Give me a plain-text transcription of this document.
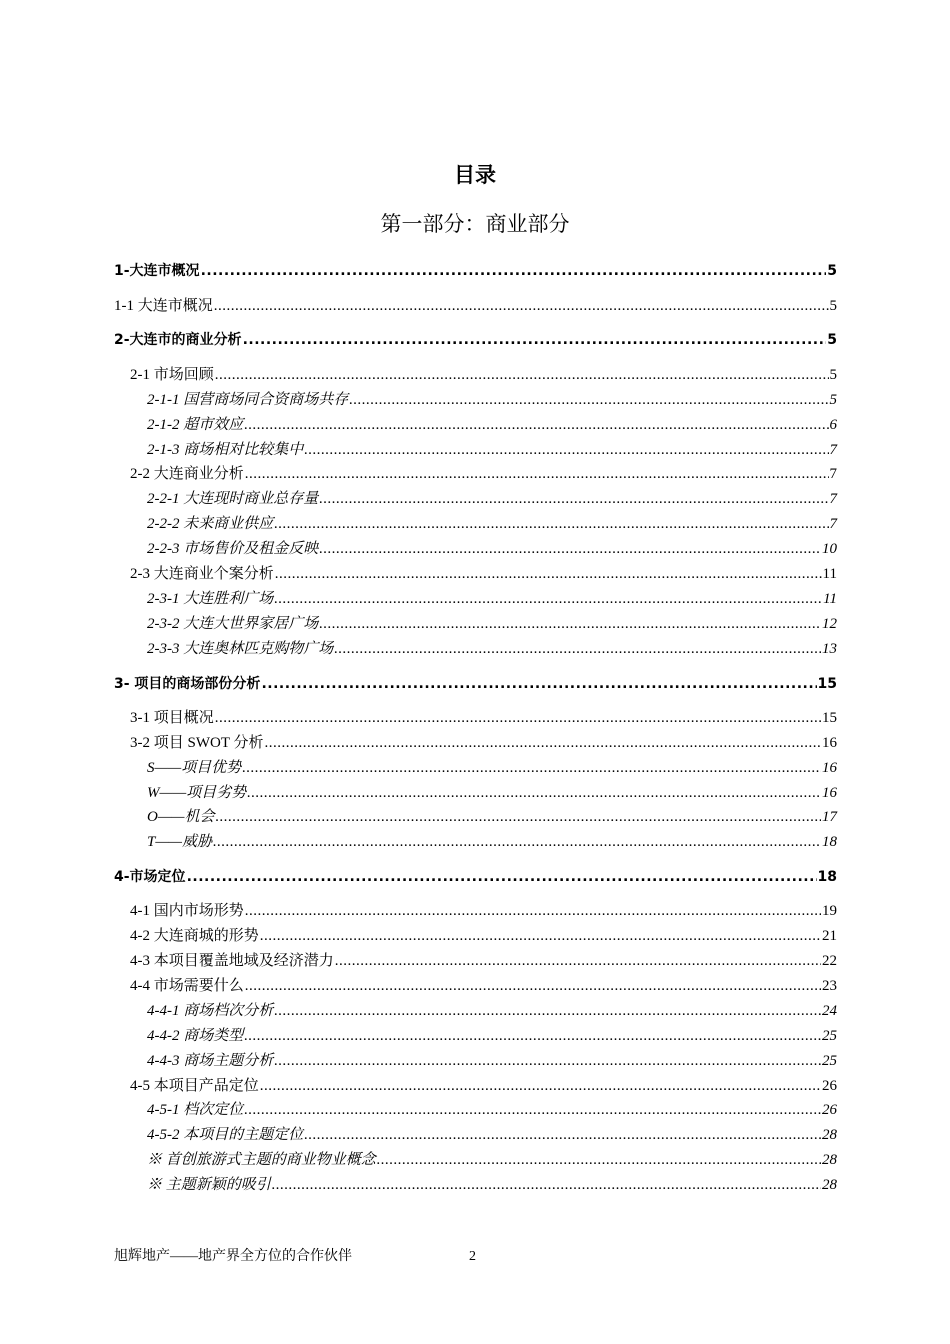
目录
第一部分：商业部分
1-大连市概况 .....	5
1-1 大连市概况 .....	5
2-大连市的商业分析 .....	5
2-1 市场回顾 .....	5
2-1-1 国营商场同合资商场共存 .....	5
2-1-2 超市效应 .....	6
2-1-3 商场相对比较集中 .....	7
2-2 大连商业分析 .....	7
2-2-1 大连现时商业总存量 .....	7
2-2-2 未来商业供应 .....	7
2-2-3 市场售价及租金反映 .....	10
2-3 大连商业个案分析 .....	11
2-3-1 大连胜利广场 .....	11
2-3-2 大连大世界家居广场 .....	12
2-3-3 大连奥林匹克购物广场 .....	13
3- 项目的商场部份分析 .....	15
3-1 项目概况 .....	15
3-2 项目 SWOT 分析 .....	16
S——项目优势 .....	16
W——项目劣势 .....	16
O——机会 .....	17
T——威胁 .....	18
4-市场定位 .....	18
4-1 国内市场形势 .....	19
4-2 大连商城的形势 .....	21
4-3 本项目覆盖地域及经济潜力 .....	22
4-4 市场需要什么 .....	23
4-4-1 商场档次分析 .....	24
4-4-2 商场类型 .....	25
4-4-3 商场主题分析 .....	25
4-5 本项目产品定位 .....	26
4-5-1 档次定位 .....	26
4-5-2 本项目的主题定位 .....	28
※ 首创旅游式主题的商业物业概念 .....	28
※ 主题新颖的吸引 .....	28
旭辉地产——地产界全方位的合作伙伴	2
